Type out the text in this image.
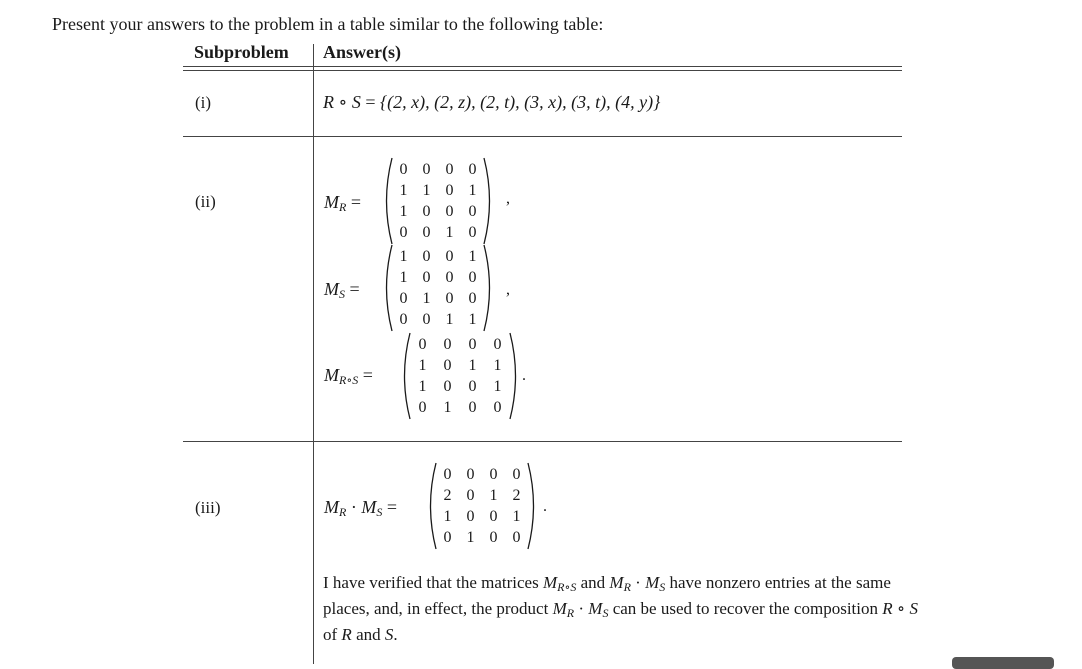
Present your answers to the problem in a table similar to the following table:
Subproblem Answer(s)
(i)	R ∘ S = {(2, x), (2, z), (2, t), (3, x), (3, t), (4, y)}
(ii)	$M_R$ =
0 0 0 0
1 1 0 1
1 0 0 0
0 0 1 0
,
$M_S$ =
1 0 0 1
1 0 0 0
0 1 0 0
0 0 1 1
,
$M_{R\circ S}$ =
0	0	0	0
1	0	1	1
1	0	0	1
0	1	0	0
.
(iii)	$M_R \cdot M_S$ =
0 0 0 0
2 0 1 2
1 0 0 1
0 1 0 0
.
I have verified that the matrices $M_{R\circ S}$ and $M_R \cdot M_S$ have nonzero entries at the same places, and, in effect, the product $M_R \cdot M_S$ can be used to recover the composition R ∘ S of R and S.
